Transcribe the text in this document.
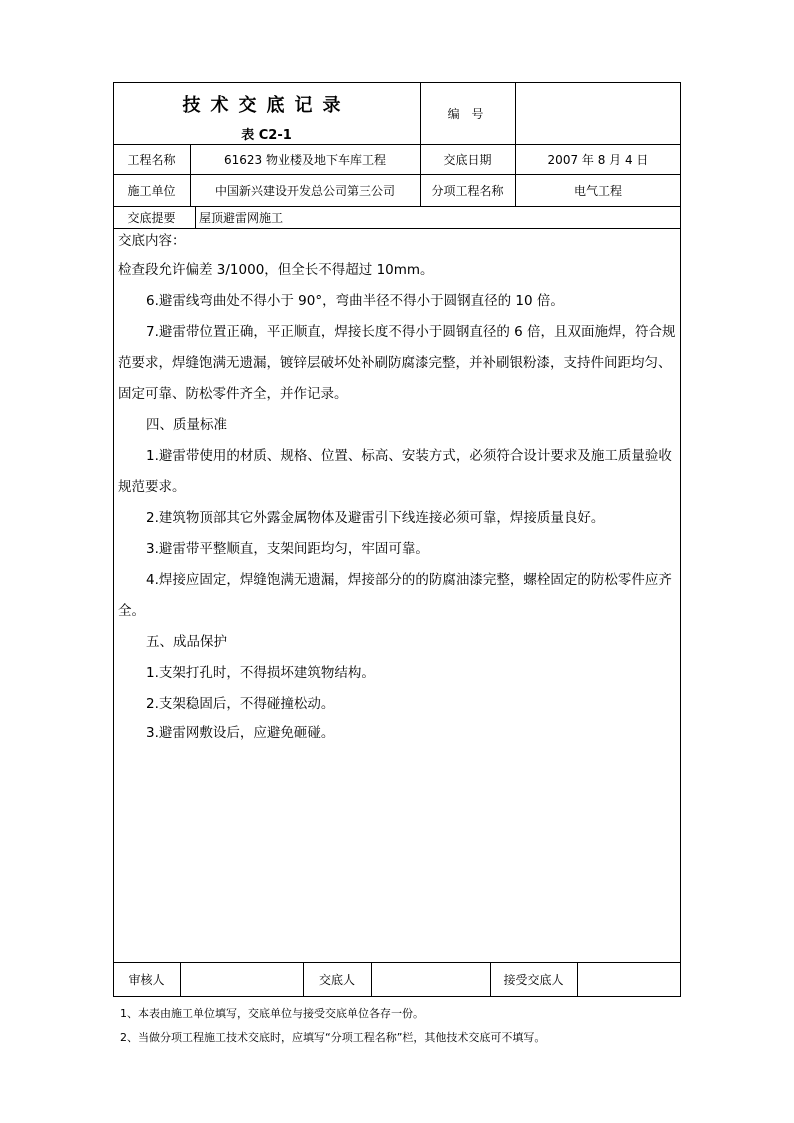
技术交底记录
表 C2-1
编 号
工程名称	61623 物业楼及地下车库工程	交底日期	2007 年 8 月 4 日
施工单位	中国新兴建设开发总公司第三公司	分项工程名称	电气工程
交底提要	屋顶避雷网施工

交底内容：

检查段允许偏差 3/1000，但全长不得超过 10mm。

6.避雷线弯曲处不得小于 90°，弯曲半径不得小于圆钢直径的 10 倍。

7.避雷带位置正确，平正顺直，焊接长度不得小于圆钢直径的 6 倍，且双面施焊，符合规范要求，焊缝饱满无遗漏，镀锌层破坏处补刷防腐漆完整，并补刷银粉漆，支持件间距均匀、固定可靠、防松零件齐全，并作记录。

四、质量标准

1.避雷带使用的材质、规格、位置、标高、安装方式，必须符合设计要求及施工质量验收规范要求。

2.建筑物顶部其它外露金属物体及避雷引下线连接必须可靠，焊接质量良好。

3.避雷带平整顺直，支架间距均匀，牢固可靠。

4.焊接应固定，焊缝饱满无遗漏，焊接部分的的防腐油漆完整，螺栓固定的防松零件应齐全。

五、成品保护

1.支架打孔时，不得损坏建筑物结构。

2.支架稳固后，不得碰撞松动。

3.避雷网敷设后，应避免砸碰。

审核人	交底人	接受交底人
1、本表由施工单位填写，交底单位与接受交底单位各存一份。
2、当做分项工程施工技术交底时，应填写“分项工程名称”栏，其他技术交底可不填写。
